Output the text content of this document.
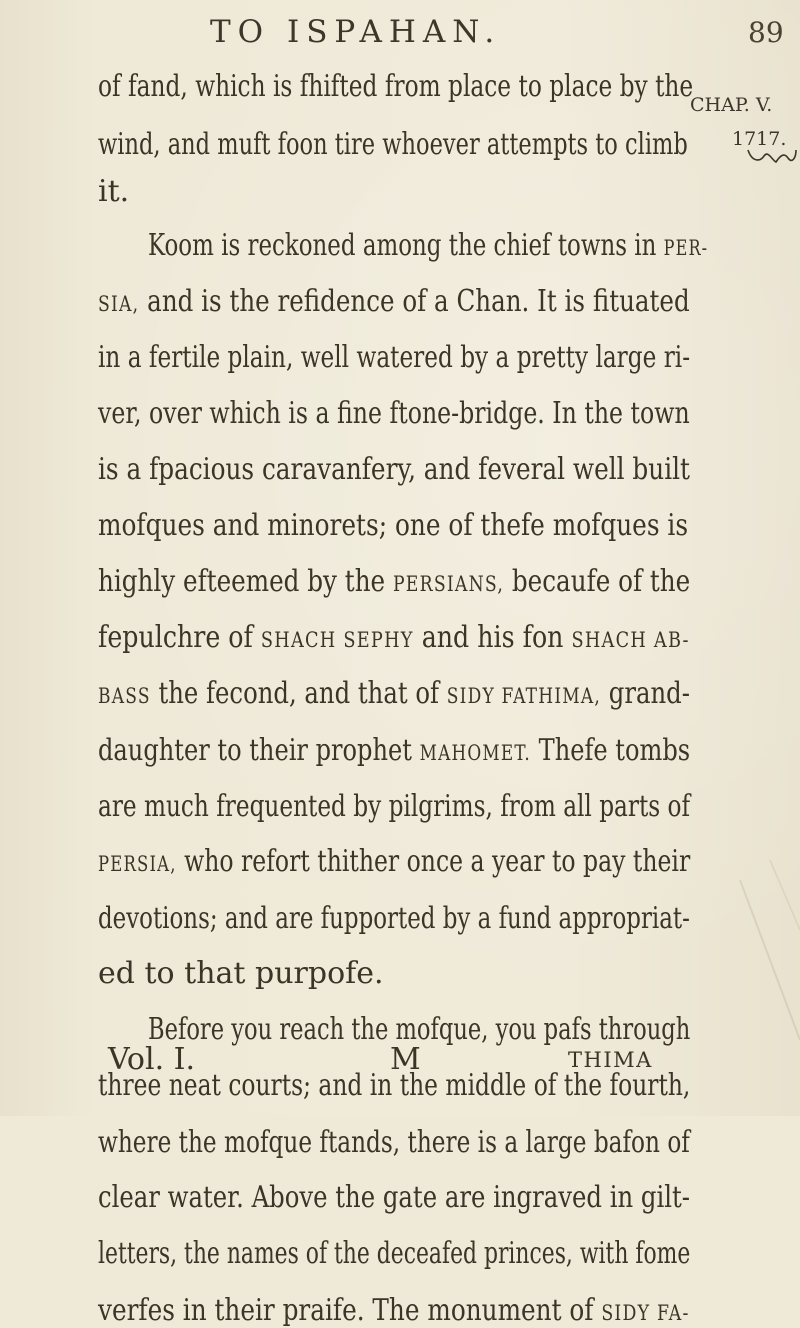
TO ISPAHAN.	89
CHAP. V.
1717.
of fand, which is fhifted from place to place by the
wind, and muft foon tire whoever attempts to climb
it.
Koom is reckoned among the chief towns in PER-
SIA, and is the refidence of a Chan. It is fituated
in a fertile plain, well watered by a pretty large ri-
ver, over which is a fine ftone-bridge. In the town
is a fpacious caravanfery, and feveral well built
mofques and minorets; one of thefe mofques is
highly efteemed by the PERSIANS, becaufe of the
fepulchre of SHACH SEPHY and his fon SHACH AB-
BASS the fecond, and that of SIDY FATHIMA, grand-
daughter to their prophet MAHOMET. Thefe tombs
are much frequented by pilgrims, from all parts of
PERSIA, who refort thither once a year to pay their
devotions; and are fupported by a fund appropriat-
ed to that purpofe.
Before you reach the mofque, you pafs through
three neat courts; and in the middle of the fourth,
where the mofque ftands, there is a large bafon of
clear water. Above the gate are ingraved in gilt-
letters, the names of the deceafed princes, with fome
verfes in their praife. The monument of SIDY FA-
Vol. I.	M	THIMA
